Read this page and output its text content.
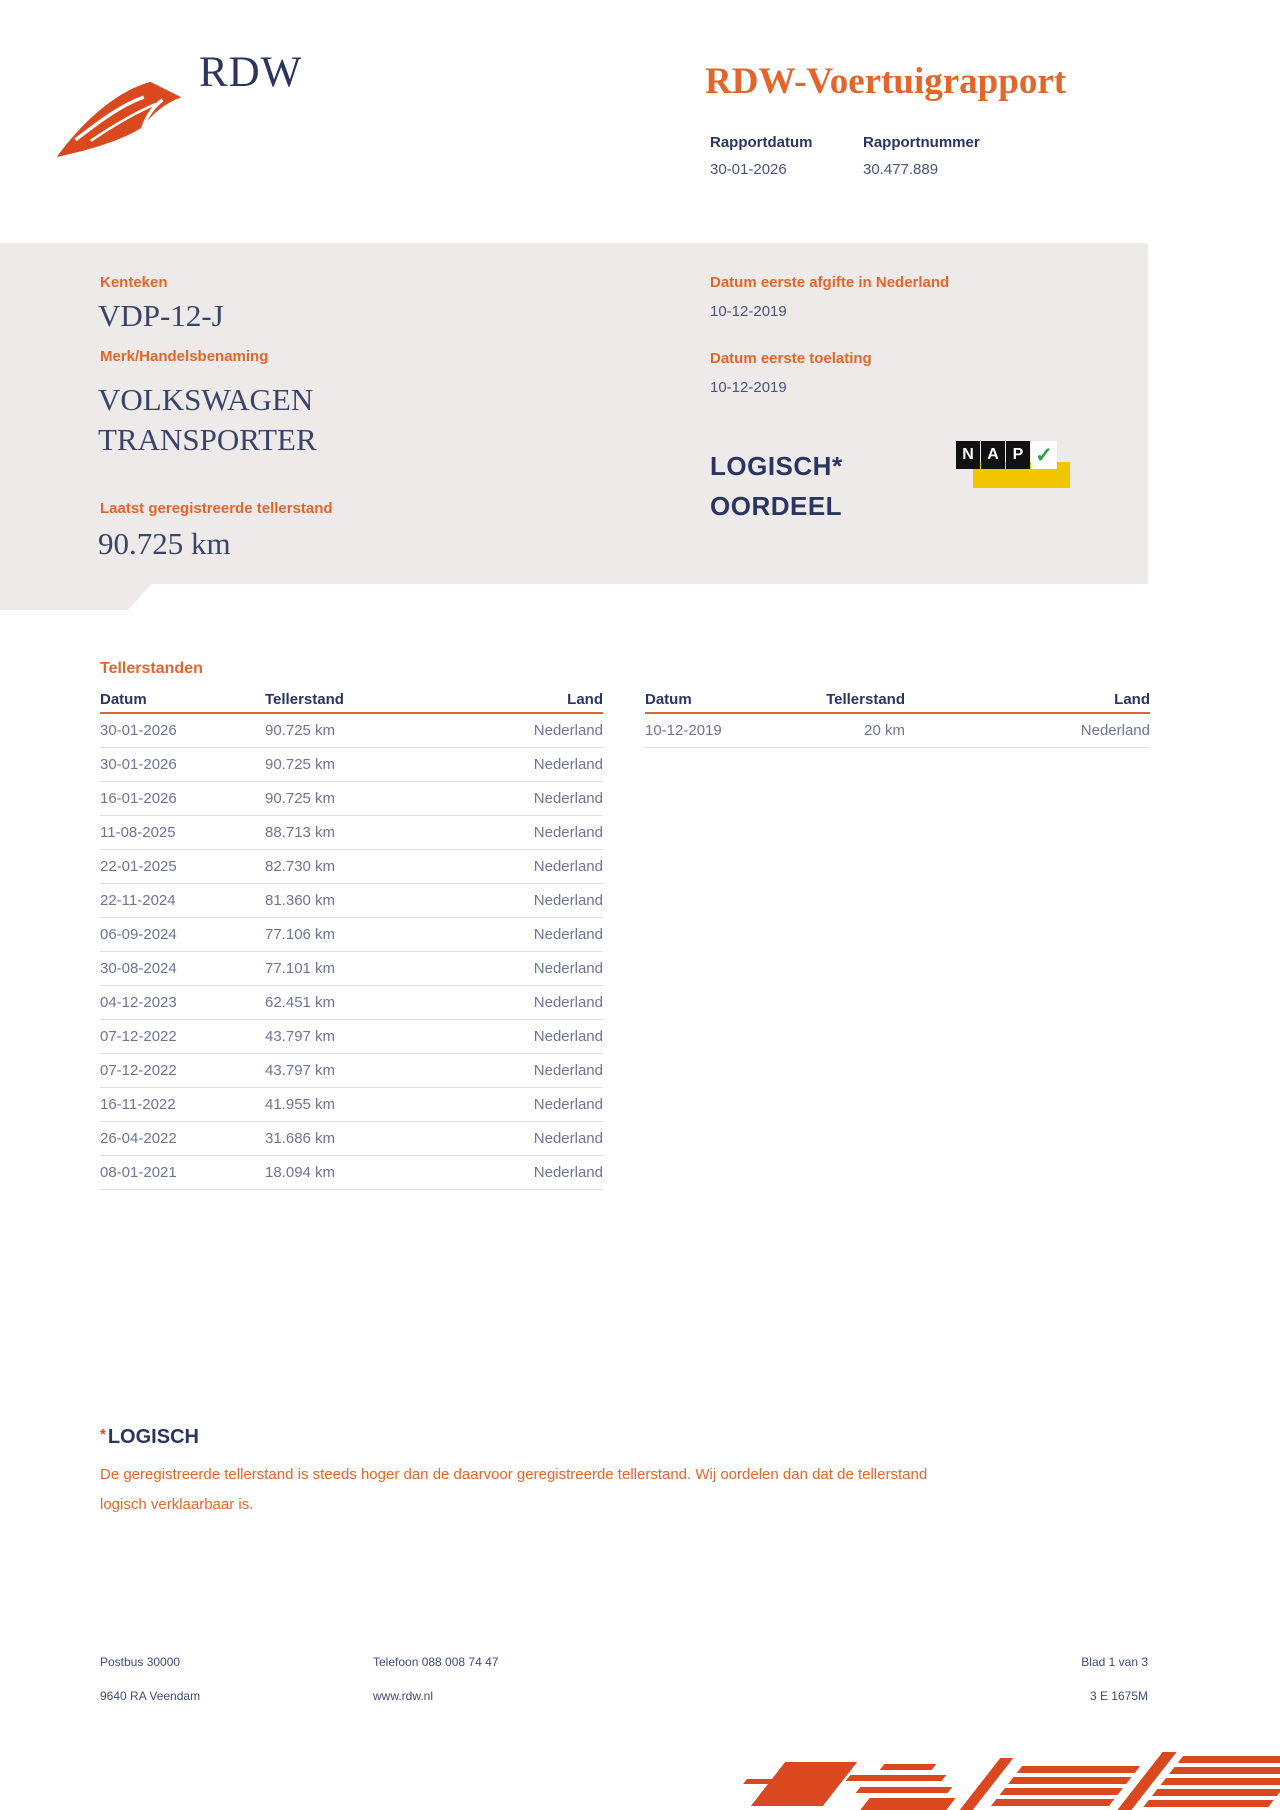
RDW	RDW-Voertuigrapport
Rapportdatum	Rapportnummer
30-01-2026	30.477.889
Kenteken
VDP-12-J
Merk/Handelsbenaming
VOLKSWAGEN
TRANSPORTER
Laatst geregistreerde tellerstand
90.725 km
Datum eerste afgifte in Nederland
10-12-2019
Datum eerste toelating
10-12-2019
LOGISCH*
OORDEEL
N A P ✓
Tellerstanden
Datum	Tellerstand	Land
30-01-2026	90.725 km	Nederland
30-01-2026	90.725 km	Nederland
16-01-2026	90.725 km	Nederland
11-08-2025	88.713 km	Nederland
22-01-2025	82.730 km	Nederland
22-11-2024	81.360 km	Nederland
06-09-2024	77.106 km	Nederland
30-08-2024	77.101 km	Nederland
04-12-2023	62.451 km	Nederland
07-12-2022	43.797 km	Nederland
07-12-2022	43.797 km	Nederland
16-11-2022	41.955 km	Nederland
26-04-2022	31.686 km	Nederland
08-01-2021	18.094 km	Nederland
Datum	Tellerstand	Land
10-12-2019	20 km	Nederland
* LOGISCH
De geregistreerde tellerstand is steeds hoger dan de daarvoor geregistreerde tellerstand. Wij oordelen dan dat de tellerstand logisch verklaarbaar is.
Postbus 30000
9640 RA Veendam
Telefoon 088 008 74 47
www.rdw.nl
Blad 1 van 3
3 E 1675M
